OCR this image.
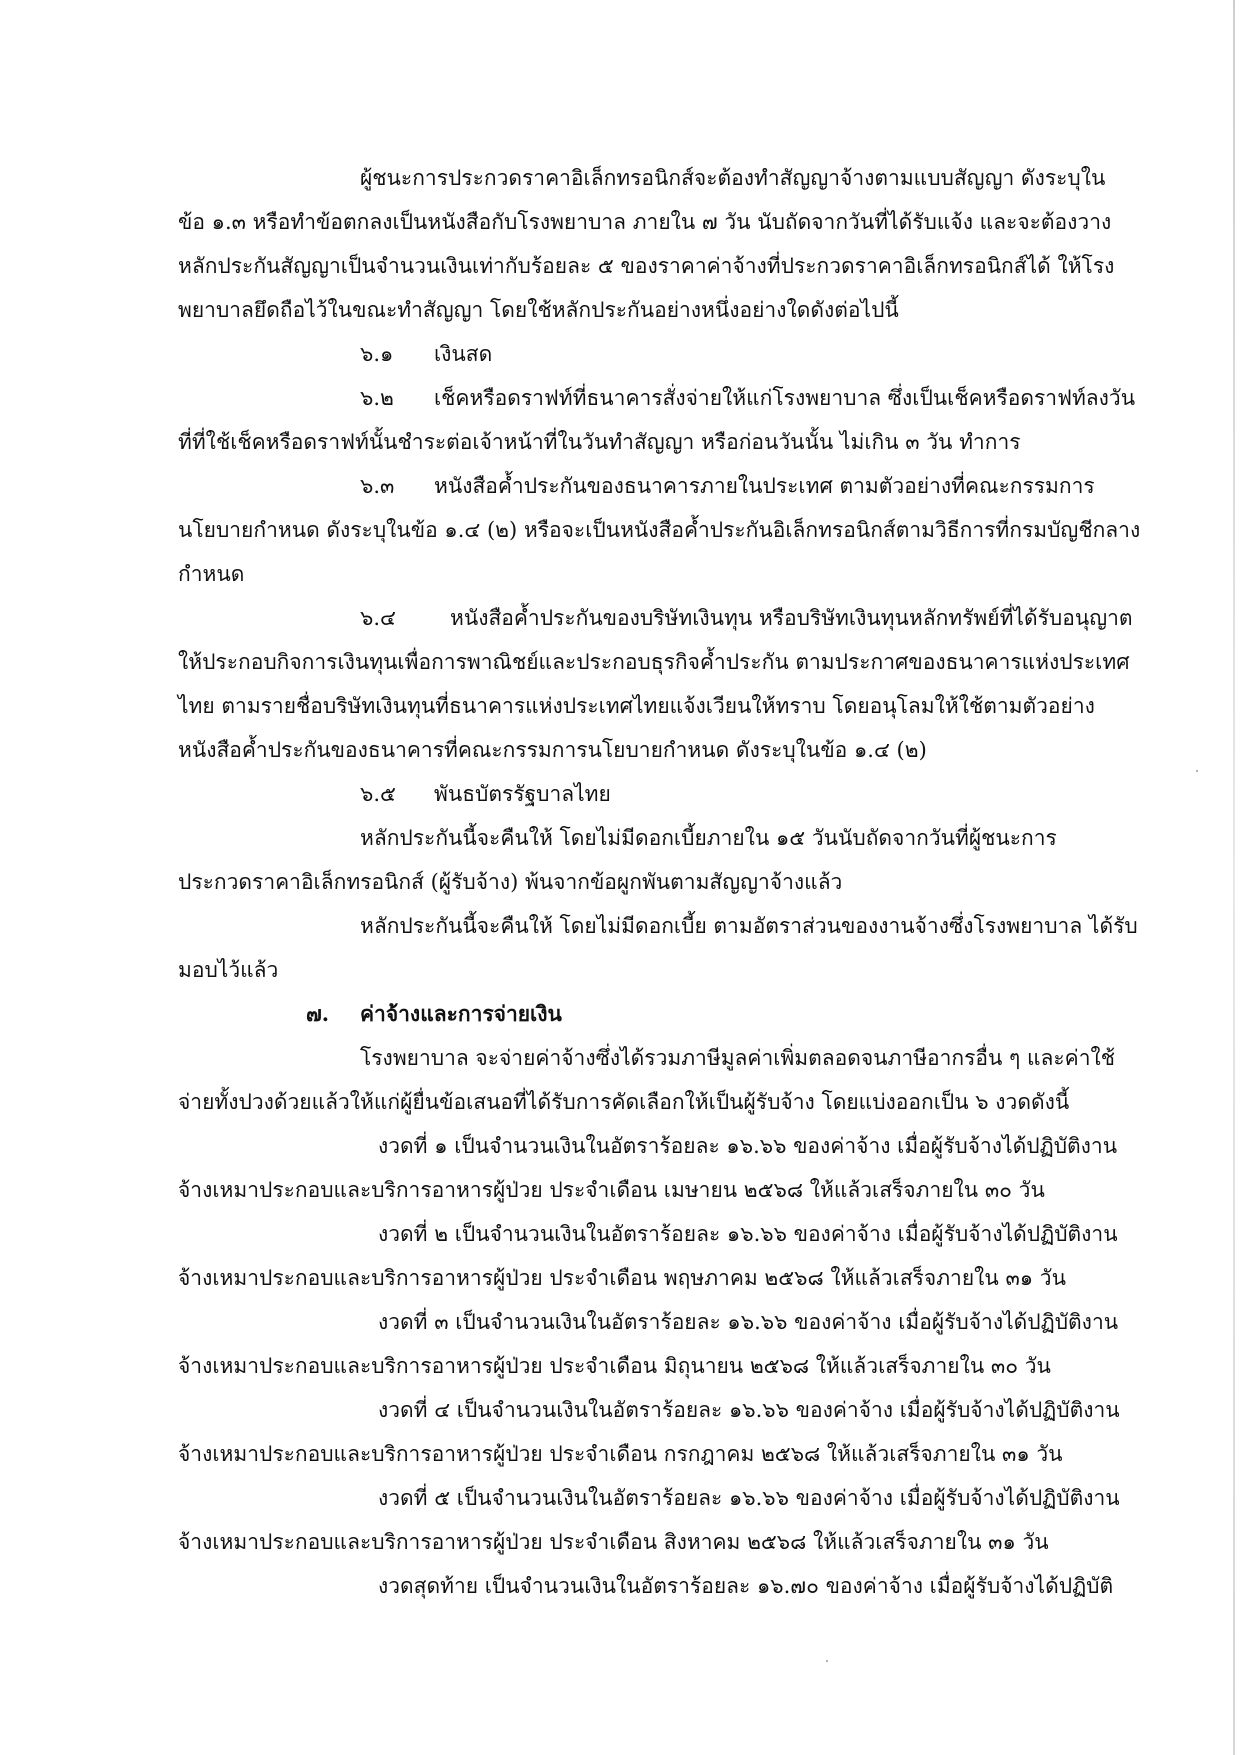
ผู้ชนะการประกวดราคาอิเล็กทรอนิกส์จะต้องทำสัญญาจ้างตามแบบสัญญา ดังระบุใน
ข้อ ๑.๓ หรือทำข้อตกลงเป็นหนังสือกับโรงพยาบาล ภายใน ๗ วัน นับถัดจากวันที่ได้รับแจ้ง และจะต้องวาง
หลักประกันสัญญาเป็นจำนวนเงินเท่ากับร้อยละ ๕ ของราคาค่าจ้างที่ประกวดราคาอิเล็กทรอนิกส์ได้ ให้โรง
พยาบาลยึดถือไว้ในขณะทำสัญญา โดยใช้หลักประกันอย่างหนึ่งอย่างใดดังต่อไปนี้
๖.๑ เงินสด
๖.๒ เช็คหรือดราฟท์ที่ธนาคารสั่งจ่ายให้แก่โรงพยาบาล ซึ่งเป็นเช็คหรือดราฟท์ลงวัน
ที่ที่ใช้เช็คหรือดราฟท์นั้นชำระต่อเจ้าหน้าที่ในวันทำสัญญา หรือก่อนวันนั้น ไม่เกิน ๓ วัน ทำการ
๖.๓ หนังสือค้ำประกันของธนาคารภายในประเทศ ตามตัวอย่างที่คณะกรรมการ
นโยบายกำหนด ดังระบุในข้อ ๑.๔ (๒) หรือจะเป็นหนังสือค้ำประกันอิเล็กทรอนิกส์ตามวิธีการที่กรมบัญชีกลาง
กำหนด
๖.๔	หนังสือค้ำประกันของบริษัทเงินทุน หรือบริษัทเงินทุนหลักทรัพย์ที่ได้รับอนุญาต
ให้ประกอบกิจการเงินทุนเพื่อการพาณิชย์และประกอบธุรกิจค้ำประกัน ตามประกาศของธนาคารแห่งประเทศ
ไทย ตามรายชื่อบริษัทเงินทุนที่ธนาคารแห่งประเทศไทยแจ้งเวียนให้ทราบ โดยอนุโลมให้ใช้ตามตัวอย่าง
หนังสือค้ำประกันของธนาคารที่คณะกรรมการนโยบายกำหนด ดังระบุในข้อ ๑.๔ (๒)
๖.๕ พันธบัตรรัฐบาลไทย
หลักประกันนี้จะคืนให้ โดยไม่มีดอกเบี้ยภายใน ๑๕ วันนับถัดจากวันที่ผู้ชนะการ
ประกวดราคาอิเล็กทรอนิกส์ (ผู้รับจ้าง) พ้นจากข้อผูกพันตามสัญญาจ้างแล้ว
หลักประกันนี้จะคืนให้ โดยไม่มีดอกเบี้ย ตามอัตราส่วนของงานจ้างซึ่งโรงพยาบาล ได้รับ
มอบไว้แล้ว
๗. ค่าจ้างและการจ่ายเงิน
โรงพยาบาล จะจ่ายค่าจ้างซึ่งได้รวมภาษีมูลค่าเพิ่มตลอดจนภาษีอากรอื่น ๆ และค่าใช้
จ่ายทั้งปวงด้วยแล้วให้แก่ผู้ยื่นข้อเสนอที่ได้รับการคัดเลือกให้เป็นผู้รับจ้าง โดยแบ่งออกเป็น ๖ งวดดังนี้
งวดที่ ๑ เป็นจำนวนเงินในอัตราร้อยละ ๑๖.๖๖ ของค่าจ้าง เมื่อผู้รับจ้างได้ปฏิบัติงาน
จ้างเหมาประกอบและบริการอาหารผู้ป่วย ประจำเดือน เมษายน ๒๕๖๘ ให้แล้วเสร็จภายใน ๓๐ วัน
งวดที่ ๒ เป็นจำนวนเงินในอัตราร้อยละ ๑๖.๖๖ ของค่าจ้าง เมื่อผู้รับจ้างได้ปฏิบัติงาน
จ้างเหมาประกอบและบริการอาหารผู้ป่วย ประจำเดือน พฤษภาคม ๒๕๖๘ ให้แล้วเสร็จภายใน ๓๑ วัน
งวดที่ ๓ เป็นจำนวนเงินในอัตราร้อยละ ๑๖.๖๖ ของค่าจ้าง เมื่อผู้รับจ้างได้ปฏิบัติงาน
จ้างเหมาประกอบและบริการอาหารผู้ป่วย ประจำเดือน มิถุนายน ๒๕๖๘ ให้แล้วเสร็จภายใน ๓๐ วัน
งวดที่ ๔ เป็นจำนวนเงินในอัตราร้อยละ ๑๖.๖๖ ของค่าจ้าง เมื่อผู้รับจ้างได้ปฏิบัติงาน
จ้างเหมาประกอบและบริการอาหารผู้ป่วย ประจำเดือน กรกฎาคม ๒๕๖๘ ให้แล้วเสร็จภายใน ๓๑ วัน
งวดที่ ๕ เป็นจำนวนเงินในอัตราร้อยละ ๑๖.๖๖ ของค่าจ้าง เมื่อผู้รับจ้างได้ปฏิบัติงาน
จ้างเหมาประกอบและบริการอาหารผู้ป่วย ประจำเดือน สิงหาคม ๒๕๖๘ ให้แล้วเสร็จภายใน ๓๑ วัน
งวดสุดท้าย เป็นจำนวนเงินในอัตราร้อยละ ๑๖.๗๐ ของค่าจ้าง เมื่อผู้รับจ้างได้ปฏิบัติ
